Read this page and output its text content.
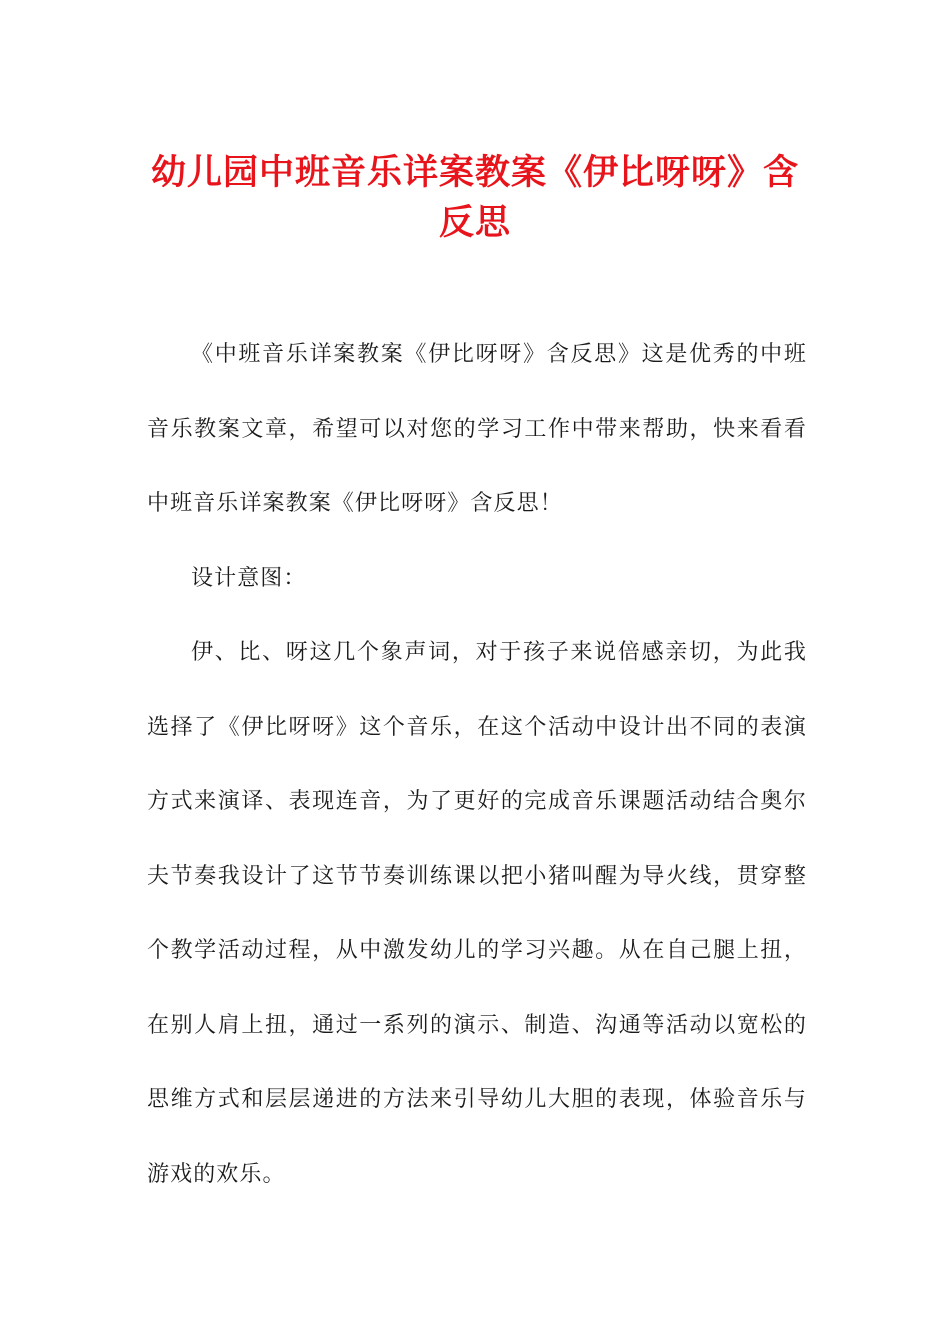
幼儿园中班音乐详案教案《伊比呀呀》含反思

《中班音乐详案教案《伊比呀呀》含反思》这是优秀的中班音乐教案文章，希望可以对您的学习工作中带来帮助，快来看看中班音乐详案教案《伊比呀呀》含反思！

设计意图：

伊、比、呀这几个象声词，对于孩子来说倍感亲切，为此我选择了《伊比呀呀》这个音乐，在这个活动中设计出不同的表演方式来演译、表现连音，为了更好的完成音乐课题活动结合奥尔夫节奏我设计了这节节奏训练课以把小猪叫醒为导火线，贯穿整个教学活动过程，从中激发幼儿的学习兴趣。从在自己腿上扭，在别人肩上扭，通过一系列的演示、制造、沟通等活动以宽松的思维方式和层层递进的方法来引导幼儿大胆的表现，体验音乐与游戏的欢乐。
